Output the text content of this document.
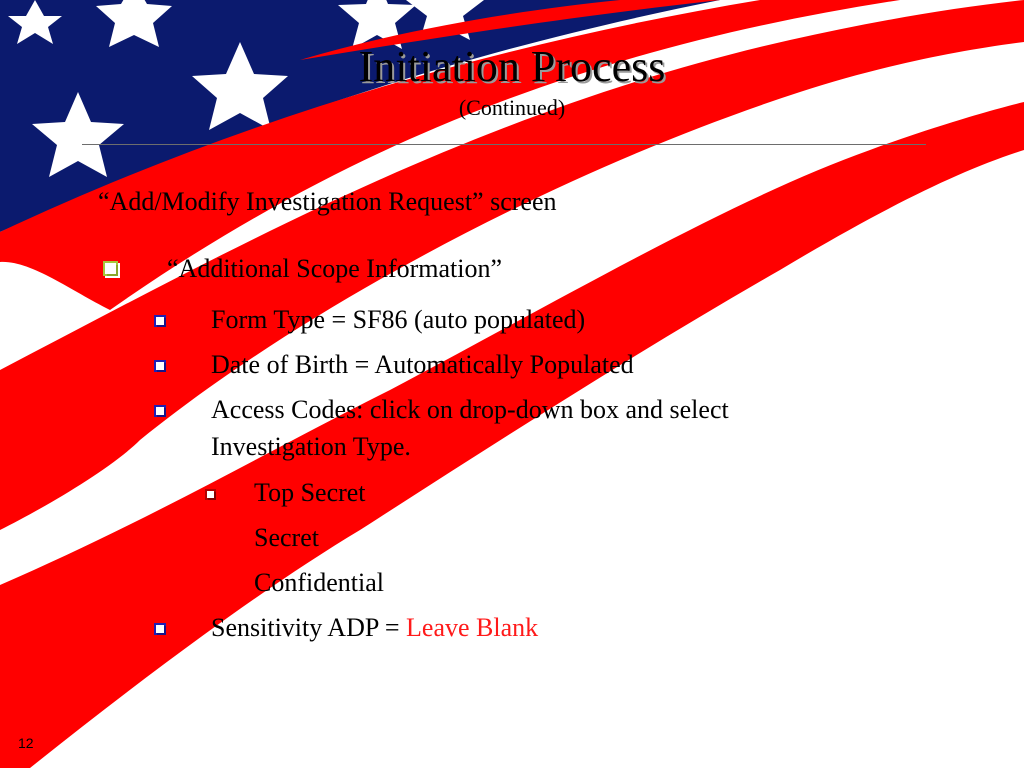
Initiation Process
(Continued)
“Add/Modify Investigation Request” screen
“Additional Scope Information”
Form Type = SF86 (auto populated)
Date of Birth = Automatically Populated
Access Codes: click on drop-down box and select
Investigation Type.
Top Secret
Secret
Confidential
Sensitivity ADP = Leave Blank
12
